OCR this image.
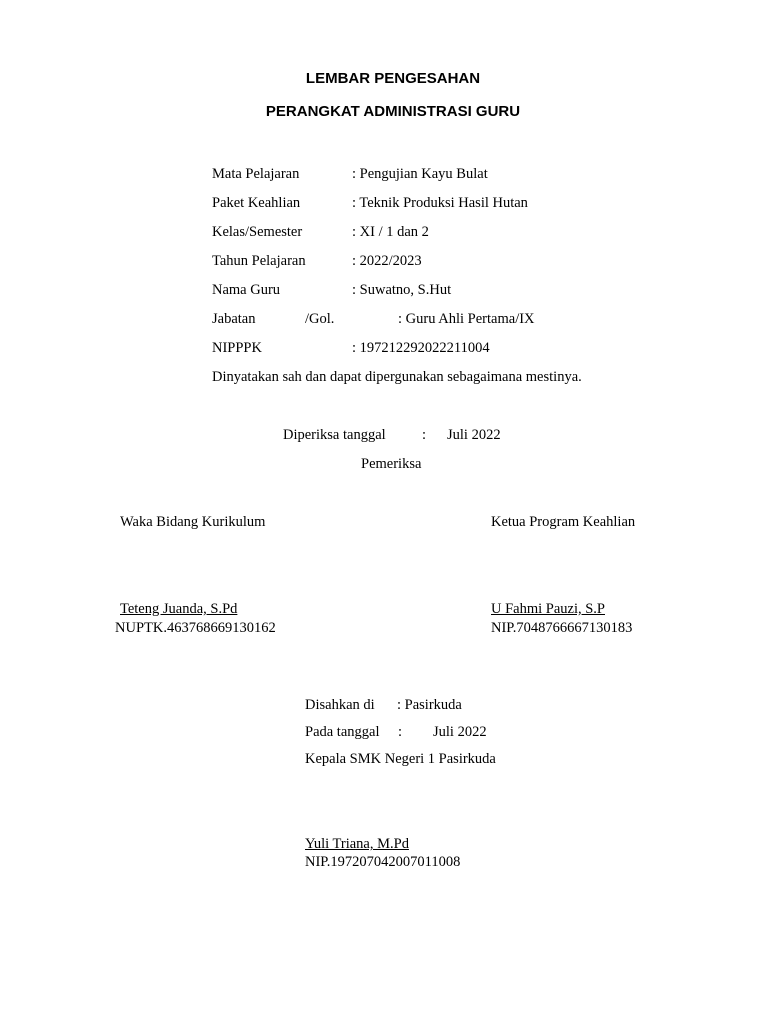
LEMBAR PENGESAHAN
PERANGKAT ADMINISTRASI GURU
Mata Pelajaran	: Pengujian Kayu Bulat
Paket Keahlian	: Teknik Produksi Hasil Hutan
Kelas/Semester	: XI / 1 dan 2
Tahun Pelajaran	: 2022/2023
Nama Guru	: Suwatno, S.Hut
Jabatan	/Gol.	: Guru Ahli Pertama/IX
NIPPPK	: 197212292022211004
Dinyatakan sah dan dapat dipergunakan sebagaimana mestinya.
Diperiksa tanggal	: Juli 2022
Pemeriksa
Waka Bidang Kurikulum
Teteng Juanda, S.Pd
NUPTK.463768669130162
Ketua Program Keahlian
U Fahmi Pauzi, S.P
NIP.7048766667130183
Disahkan di : Pasirkuda
Pada tanggal : Juli 2022
Kepala SMK Negeri 1 Pasirkuda
Yuli Triana, M.Pd
NIP.197207042007011008
